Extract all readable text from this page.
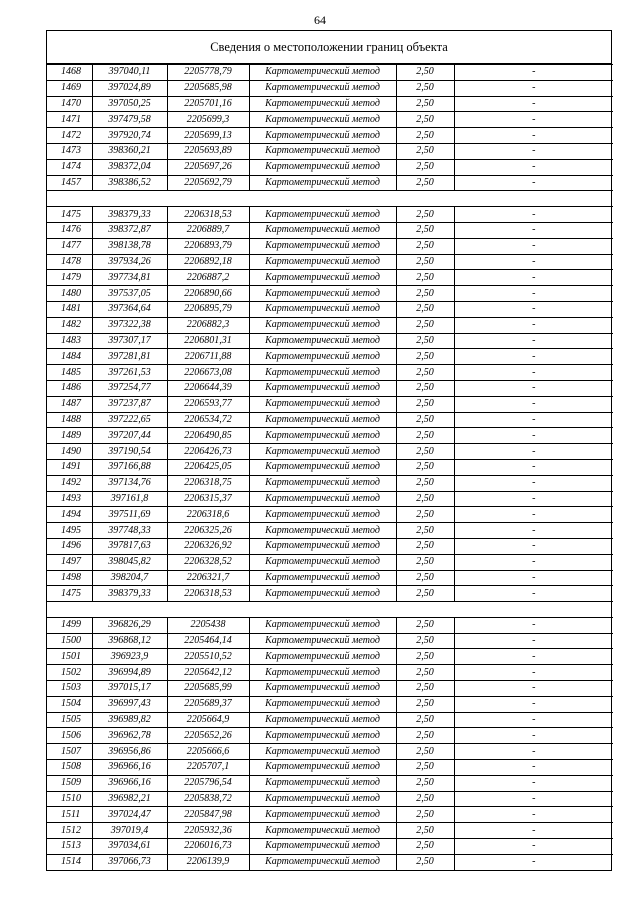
64
Сведения о местоположении границ объекта
1468	397040,11	2205778,79	Картометрический метод	2,50	-
1469	397024,89	2205685,98	Картометрический метод	2,50	-
1470	397050,25	2205701,16	Картометрический метод	2,50	-
1471	397479,58	2205699,3	Картометрический метод	2,50	-
1472	397920,74	2205699,13	Картометрический метод	2,50	-
1473	398360,21	2205693,89	Картометрический метод	2,50	-
1474	398372,04	2205697,26	Картометрический метод	2,50	-
1457	398386,52	2205692,79	Картометрический метод	2,50	-

1475	398379,33	2206318,53	Картометрический метод	2,50	-
1476	398372,87	2206889,7	Картометрический метод	2,50	-
1477	398138,78	2206893,79	Картометрический метод	2,50	-
1478	397934,26	2206892,18	Картометрический метод	2,50	-
1479	397734,81	2206887,2	Картометрический метод	2,50	-
1480	397537,05	2206890,66	Картометрический метод	2,50	-
1481	397364,64	2206895,79	Картометрический метод	2,50	-
1482	397322,38	2206882,3	Картометрический метод	2,50	-
1483	397307,17	2206801,31	Картометрический метод	2,50	-
1484	397281,81	2206711,88	Картометрический метод	2,50	-
1485	397261,53	2206673,08	Картометрический метод	2,50	-
1486	397254,77	2206644,39	Картометрический метод	2,50	-
1487	397237,87	2206593,77	Картометрический метод	2,50	-
1488	397222,65	2206534,72	Картометрический метод	2,50	-
1489	397207,44	2206490,85	Картометрический метод	2,50	-
1490	397190,54	2206426,73	Картометрический метод	2,50	-
1491	397166,88	2206425,05	Картометрический метод	2,50	-
1492	397134,76	2206318,75	Картометрический метод	2,50	-
1493	397161,8	2206315,37	Картометрический метод	2,50	-
1494	397511,69	2206318,6	Картометрический метод	2,50	-
1495	397748,33	2206325,26	Картометрический метод	2,50	-
1496	397817,63	2206326,92	Картометрический метод	2,50	-
1497	398045,82	2206328,52	Картометрический метод	2,50	-
1498	398204,7	2206321,7	Картометрический метод	2,50	-
1475	398379,33	2206318,53	Картометрический метод	2,50	-

1499	396826,29	2205438	Картометрический метод	2,50	-
1500	396868,12	2205464,14	Картометрический метод	2,50	-
1501	396923,9	2205510,52	Картометрический метод	2,50	-
1502	396994,89	2205642,12	Картометрический метод	2,50	-
1503	397015,17	2205685,99	Картометрический метод	2,50	-
1504	396997,43	2205689,37	Картометрический метод	2,50	-
1505	396989,82	2205664,9	Картометрический метод	2,50	-
1506	396962,78	2205652,26	Картометрический метод	2,50	-
1507	396956,86	2205666,6	Картометрический метод	2,50	-
1508	396966,16	2205707,1	Картометрический метод	2,50	-
1509	396966,16	2205796,54	Картометрический метод	2,50	-
1510	396982,21	2205838,72	Картометрический метод	2,50	-
1511	397024,47	2205847,98	Картометрический метод	2,50	-
1512	397019,4	2205932,36	Картометрический метод	2,50	-
1513	397034,61	2206016,73	Картометрический метод	2,50	-
1514	397066,73	2206139,9	Картометрический метод	2,50	-
